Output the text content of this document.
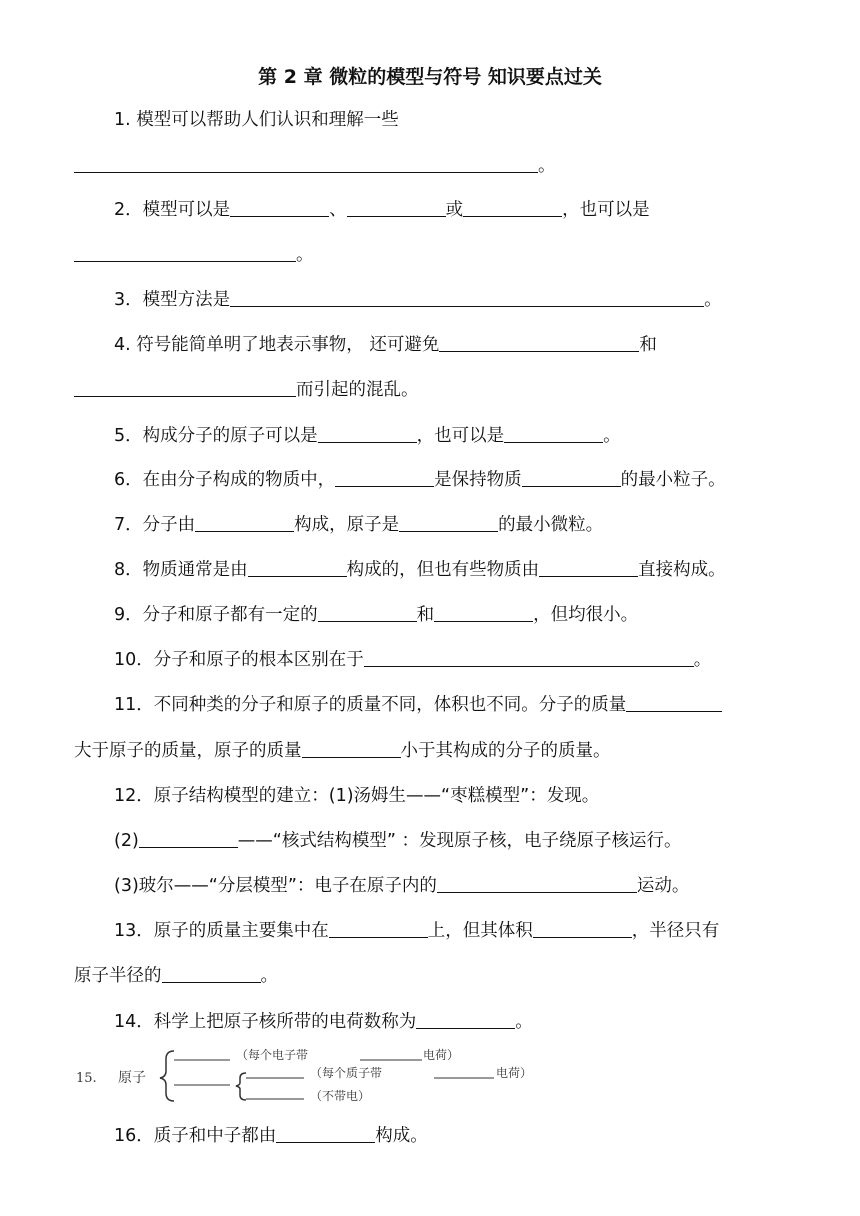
第 2 章 微粒的模型与符号 知识要点过关
1. 模型可以帮助人们认识和理解一些
。
2．模型可以是	、	或	，也可以是
。
3．模型方法是	。
4. 符号能简单明了地表示事物， 还可避免	和
而引起的混乱。
5．构成分子的原子可以是	，也可以是	。
6．在由分子构成的物质中，	是保持物质	的最小粒子。
7．分子由	构成，原子是	的最小微粒。
8．物质通常是由	构成的，但也有些物质由	直接构成。
9．分子和原子都有一定的	和	，但均很小。
10．分子和原子的根本区别在于	。
11．不同种类的分子和原子的质量不同，体积也不同。分子的质量
大于原子的质量，原子的质量	小于其构成的分子的质量。
12．原子结构模型的建立：(1)汤姆生——“枣糕模型”：发现。
(2)	——“核式结构模型” ：发现原子核，电子绕原子核运行。
(3)玻尔——“分层模型”：电子在原子内的	运动。
13．原子的质量主要集中在	上，但其体积	，半径只有
原子半径的	。
14．科学上把原子核所带的电荷数称为	。
15. 原子
（每个电子带	电荷）
（每个质子带	电荷）
（不带电）
16．质子和中子都由	构成。
